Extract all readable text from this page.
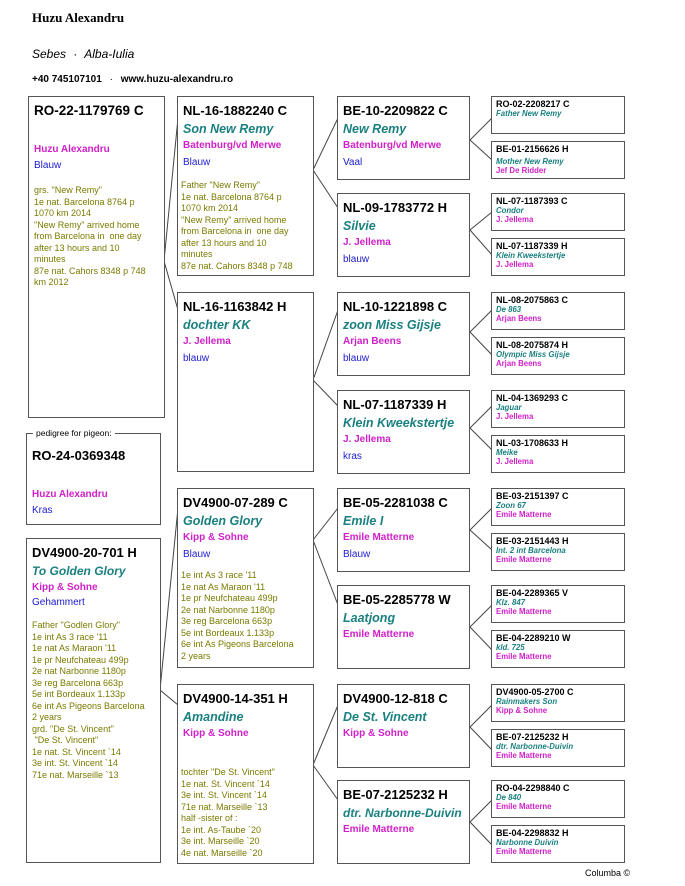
Huzu Alexandru
Sebes · Alba-Iulia
+40 745107101 · www.huzu-alexandru.ro
RO-22-1179769 C
Huzu Alexandru
Blauw
grs. "New Remy"
1e nat. Barcelona 8764 p
1070 km 2014
"New Remy" arrived home
from Barcelona in  one day
after 13 hours and 10
minutes
87e nat. Cahors 8348 p 748
km 2012
RO-24-0369348
Huzu Alexandru
Kras
pedigree for pigeon:
DV4900-20-701 H
To Golden Glory
Kipp & Sohne
Gehammert
Father "Godlen Glory"
1e int As 3 race '11
1e nat As Maraon '11
1e pr Neufchateau 499p
2e nat Narbonne 1180p
3e reg Barcelona 663p
5e int Bordeaux 1.133p
6e int As Pigeons Barcelona
2 years
grd. "De St. Vincent"
"De St. Vincent"
1e nat. St. Vincent `14
3e int. St. Vincent `14
71e nat. Marseille `13
NL-16-1882240 C
Son New Remy
Batenburg/vd Merwe
Blauw
Father "New Remy"
1e nat. Barcelona 8764 p
1070 km 2014
"New Remy" arrived home
from Barcelona in  one day
after 13 hours and 10
minutes
87e nat. Cahors 8348 p 748
NL-16-1163842 H
dochter KK
J. Jellema
blauw
DV4900-07-289 C
Golden Glory
Kipp & Sohne
Blauw
1e int As 3 race '11
1e nat As Maraon '11
1e pr Neufchateau 499p
2e nat Narbonne 1180p
3e reg Barcelona 663p
5e int Bordeaux 1.133p
6e int As Pigeons Barcelona
2 years
DV4900-14-351 H
Amandine
Kipp & Sohne
tochter "De St. Vincent"
1e nat. St. Vincent `14
3e int. St. Vincent `14
71e nat. Marseille `13
half -sister of :
1e int. As-Taube `20
3e int. Marseille `20
4e nat. Marseille `20
BE-10-2209822 C
New Remy
Batenburg/vd Merwe
Vaal
NL-09-1783772 H
Silvie
J. Jellema
blauw
NL-10-1221898 C
zoon Miss Gijsje
Arjan Beens
blauw
NL-07-1187339 H
Klein Kweekstertje
J. Jellema
kras
BE-05-2281038 C
Emile I
Emile Matterne
Blauw
BE-05-2285778 W
Laatjong
Emile Matterne
DV4900-12-818 C
De St. Vincent
Kipp & Sohne
BE-07-2125232 H
dtr. Narbonne-Duivin
Emile Matterne
RO-02-2208217 C
Father New Remy
BE-01-2156626 H
Mother New Remy
Jef De Ridder
NL-07-1187393 C
Condor
J. Jellema
NL-07-1187339 H
Klein Kweekstertje
J. Jellema
NL-08-2075863 C
De 863
Arjan Beens
NL-08-2075874 H
Olympic Miss Gijsje
Arjan Beens
NL-04-1369293 C
Jaguar
J. Jellema
NL-03-1708633 H
Meike
J. Jellema
BE-03-2151397 C
Zoon 67
Emile Matterne
BE-03-2151443 H
Int. 2 int Barcelona
Emile Matterne
BE-04-2289365 V
Klz. 847
Emile Matterne
BE-04-2289210 W
kld. 725
Emile Matterne
DV4900-05-2700 C
Rainmakers Son
Kipp & Sohne
BE-07-2125232 H
dtr. Narbonne-Duivin
Emile Matterne
RO-04-2298840 C
De 840
Emile Matterne
BE-04-2298832 H
Narbonne Duivin
Emile Matterne
Columba ©
